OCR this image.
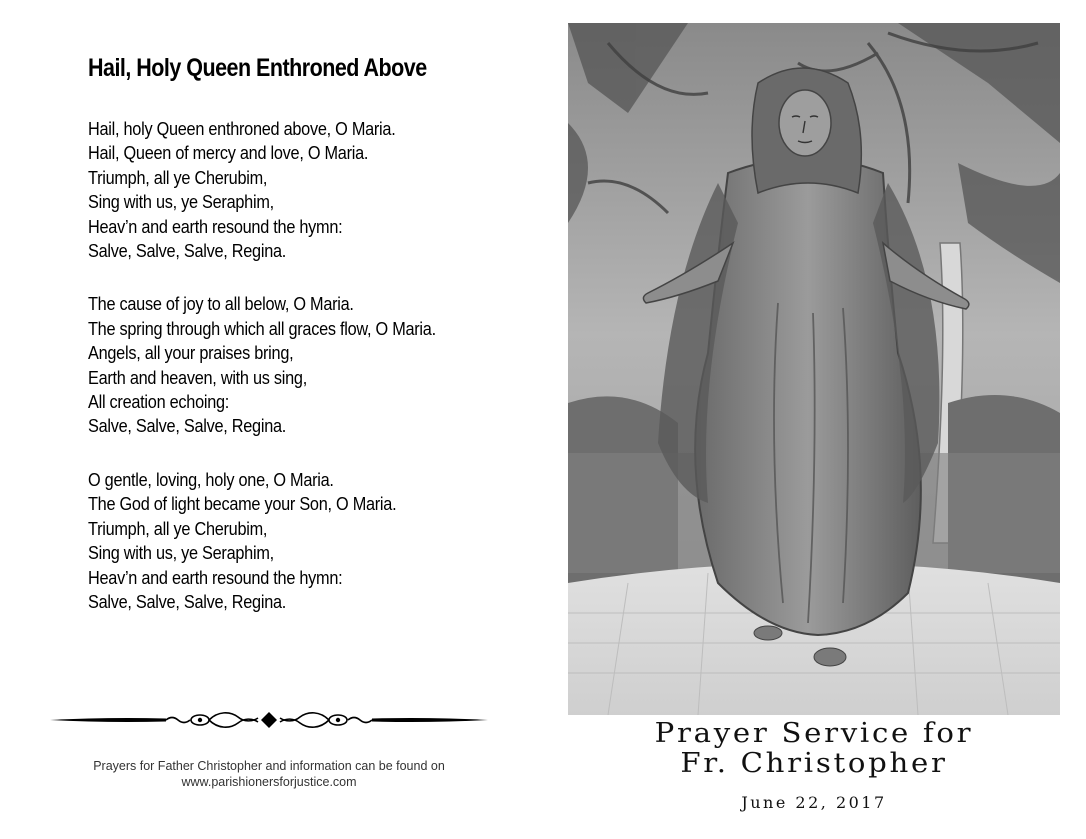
Hail, Holy Queen Enthroned Above
Hail, holy Queen enthroned above, O Maria.
Hail, Queen of mercy and love, O Maria.
Triumph, all ye Cherubim,
Sing with us, ye Seraphim,
Heav’n and earth resound the hymn:
Salve, Salve, Salve, Regina.
The cause of joy to all below, O Maria.
The spring through which all graces flow, O Maria.
Angels, all your praises bring,
Earth and heaven, with us sing,
All creation echoing:
Salve, Salve, Salve, Regina.
O gentle, loving, holy one, O Maria.
The God of light became your Son, O Maria.
Triumph, all ye Cherubim,
Sing with us, ye Seraphim,
Heav’n and earth resound the hymn:
Salve, Salve, Salve, Regina.
Prayers for Father Christopher and information can be found on
www.parishionersforjustice.com
Prayer Service for
Fr. Christopher
June 22, 2017
